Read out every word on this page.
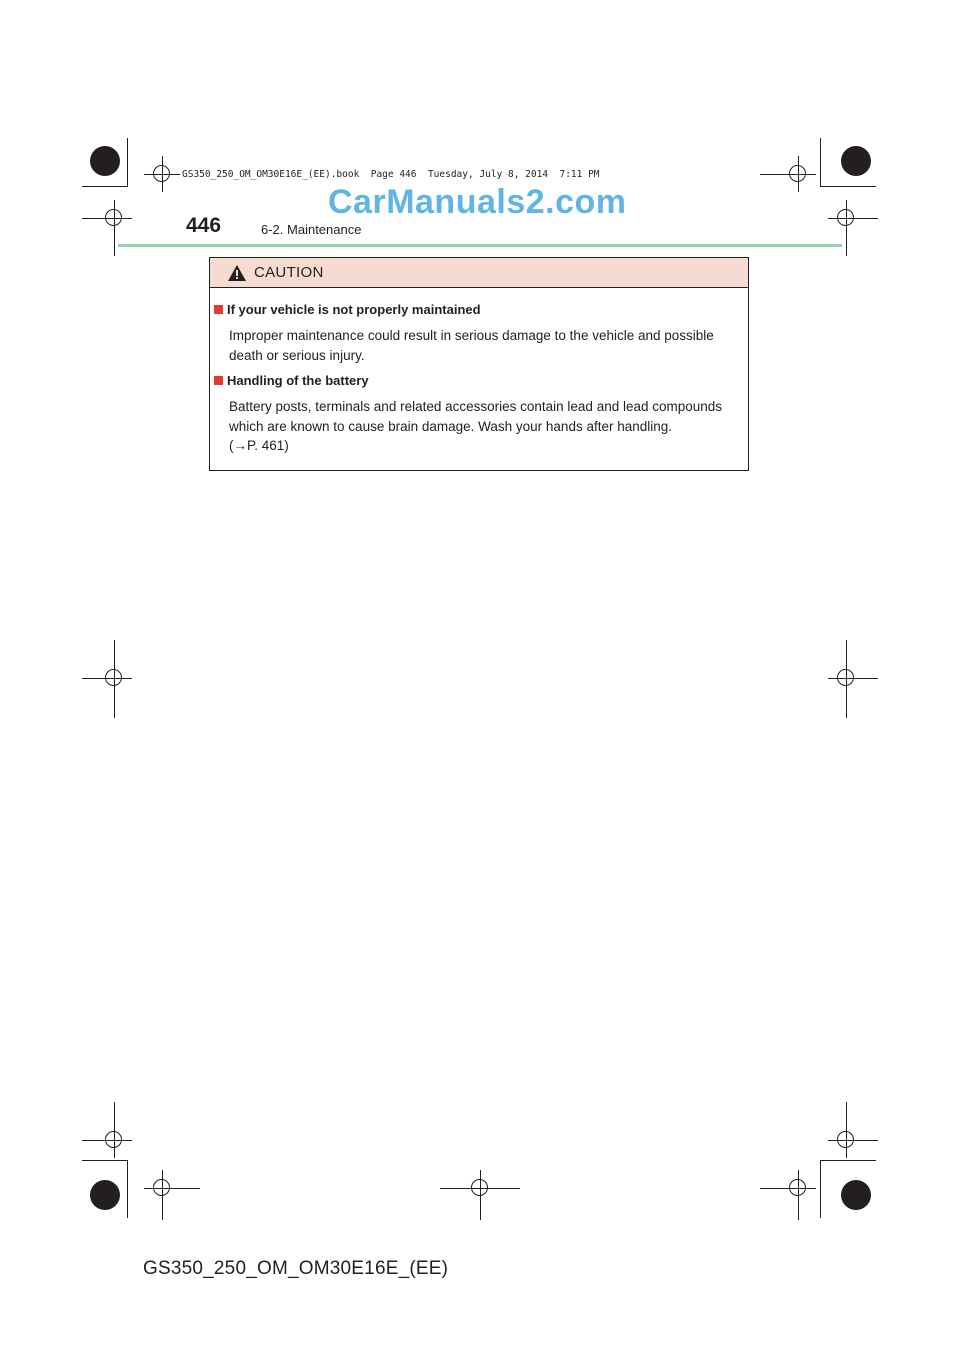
GS350_250_OM_OM30E16E_(EE).book  Page 446  Tuesday, July 8, 2014  7:11 PM
CarManuals2.com
446	6-2. Maintenance
CAUTION
If your vehicle is not properly maintained
Improper maintenance could result in serious damage to the vehicle and possible death or serious injury.
Handling of the battery
Battery posts, terminals and related accessories contain lead and lead compounds which are known to cause brain damage. Wash your hands after handling.
(→P. 461)
GS350_250_OM_OM30E16E_(EE)
